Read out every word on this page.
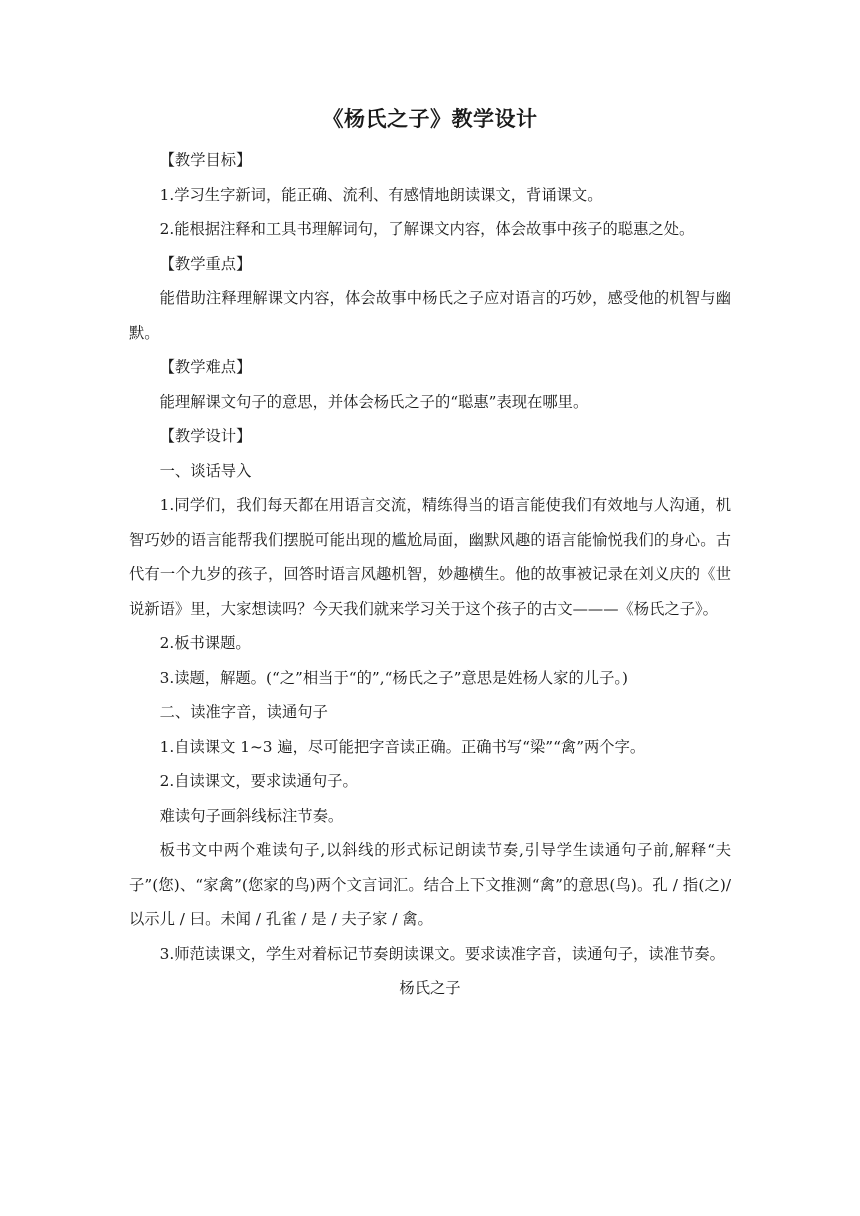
《杨氏之子》教学设计

【教学目标】

1.学习生字新词，能正确、流利、有感情地朗读课文，背诵课文。

2.能根据注释和工具书理解词句，了解课文内容，体会故事中孩子的聪惠之处。

【教学重点】

能借助注释理解课文内容，体会故事中杨氏之子应对语言的巧妙，感受他的机智与幽默。

【教学难点】

能理解课文句子的意思，并体会杨氏之子的“聪惠”表现在哪里。

【教学设计】

一、谈话导入

1.同学们，我们每天都在用语言交流，精练得当的语言能使我们有效地与人沟通，机智巧妙的语言能帮我们摆脱可能出现的尴尬局面，幽默风趣的语言能愉悦我们的身心。古代有一个九岁的孩子，回答时语言风趣机智，妙趣横生。他的故事被记录在刘义庆的《世说新语》里，大家想读吗？今天我们就来学习关于这个孩子的古文———《杨氏之子》。

2.板书课题。

3.读题，解题。(“之”相当于“的”,“杨氏之子”意思是姓杨人家的儿子。)

二、读准字音，读通句子

1.自读课文 1~3 遍，尽可能把字音读正确。正确书写“梁”“禽”两个字。

2.自读课文，要求读通句子。

难读句子画斜线标注节奏。

板书文中两个难读句子,以斜线的形式标记朗读节奏,引导学生读通句子前,解释“夫子”(您)、“家禽”(您家的鸟)两个文言词汇。结合上下文推测“禽”的意思(鸟)。孔 / 指(之)/ 以示儿 / 曰。未闻 / 孔雀 / 是 / 夫子家 / 禽。

3.师范读课文，学生对着标记节奏朗读课文。要求读准字音，读通句子，读准节奏。

杨氏之子
